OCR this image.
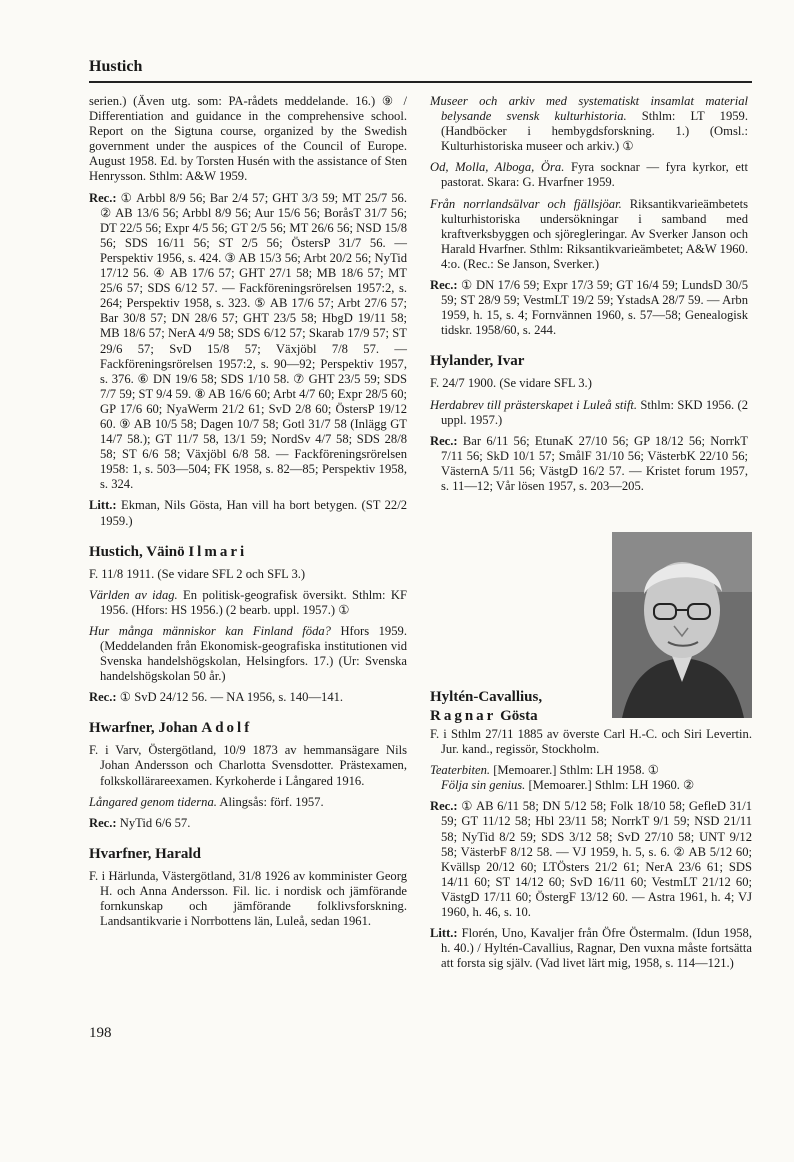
Hustich

serien.) (Även utg. som: PA-rådets meddelande. 16.) ⑨ / Differentiation and guidance in the comprehensive school. Report on the Sigtuna course, organized by the Swedish government under the auspices of the Council of Europe. August 1958. Ed. by Torsten Husén with the assistance of Sten Henrysson. Sthlm: A&W 1959.

Rec.: ① Arbbl 8/9 56; Bar 2/4 57; GHT 3/3 59; MT 25/7 56. ② AB 13/6 56; Arbbl 8/9 56; Aur 15/6 56; BoråsT 31/7 56; DT 22/5 56; Expr 4/5 56; GT 2/5 56; MT 26/6 56; NSD 15/8 56; SDS 16/11 56; ST 2/5 56; ÖstersP 31/7 56. — Perspektiv 1956, s. 424. ③ AB 15/3 56; Arbt 20/2 56; NyTid 17/12 56. ④ AB 17/6 57; GHT 27/1 58; MB 18/6 57; MT 25/6 57; SDS 6/12 57. — Fackföreningsrörelsen 1957:2, s. 264; Perspektiv 1958, s. 323. ⑤ AB 17/6 57; Arbt 27/6 57; Bar 30/8 57; DN 28/6 57; GHT 23/5 58; HbgD 19/11 58; MB 18/6 57; NerA 4/9 58; SDS 6/12 57; Skarab 17/9 57; ST 29/6 57; SvD 15/8 57; Växjöbl 7/8 57. — Fackföreningsrörelsen 1957:2, s. 90—92; Perspektiv 1957, s. 376. ⑥ DN 19/6 58; SDS 1/10 58. ⑦ GHT 23/5 59; SDS 7/7 59; ST 9/4 59. ⑧ AB 16/6 60; Arbt 4/7 60; Expr 28/5 60; GP 17/6 60; NyaWerm 21/2 61; SvD 2/8 60; ÖstersP 19/12 60. ⑨ AB 10/5 58; Dagen 10/7 58; Gotl 31/7 58 (Inlägg GT 14/7 58.); GT 11/7 58, 13/1 59; NordSv 4/7 58; SDS 28/8 58; ST 6/6 58; Växjöbl 6/8 58. — Fackföreningsrörelsen 1958: 1, s. 503—504; FK 1958, s. 82—85; Perspektiv 1958, s. 324.

Litt.: Ekman, Nils Gösta, Han vill ha bort betygen. (ST 22/2 1959.)

Hustich, Väinö Ilmari

F. 11/8 1911. (Se vidare SFL 2 och SFL 3.)

Världen av idag. En politisk-geografisk översikt. Sthlm: KF 1956. (Hfors: HS 1956.) (2 bearb. uppl. 1957.) ①

Hur många människor kan Finland föda? Hfors 1959. (Meddelanden från Ekonomisk-geografiska institutionen vid Svenska handelshögskolan, Helsingfors. 17.) (Ur: Svenska handelshögskolan 50 år.)

Rec.: ① SvD 24/12 56. — NA 1956, s. 140—141.

Hwarfner, Johan Adolf

F. i Varv, Östergötland, 10/9 1873 av hemmansägare Nils Johan Andersson och Charlotta Svensdotter. Prästexamen, folkskollärareexamen. Kyrkoherde i Långared 1916.

Långared genom tiderna. Alingsås: förf. 1957.

Rec.: NyTid 6/6 57.

Hvarfner, Harald

F. i Härlunda, Västergötland, 31/8 1926 av komminister Georg H. och Anna Andersson. Fil. lic. i nordisk och jämförande fornkunskap och jämförande folklivsforskning. Landsantikvarie i Norrbottens län, Luleå, sedan 1961.

Museer och arkiv med systematiskt insamlat material belysande svensk kulturhistoria. Sthlm: LT 1959. (Handböcker i hembygdsforskning. 1.) (Omsl.: Kulturhistoriska museer och arkiv.) ①

Od, Molla, Alboga, Öra. Fyra socknar — fyra kyrkor, ett pastorat. Skara: G. Hvarfner 1959.

Från norrlandsälvar och fjällsjöar. Riksantikvarieämbetets kulturhistoriska undersökningar i samband med kraftverksbyggen och sjöregleringar. Av Sverker Janson och Harald Hvarfner. Sthlm: Riksantikvarieämbetet; A&W 1960. 4:o. (Rec.: Se Janson, Sverker.)

Rec.: ① DN 17/6 59; Expr 17/3 59; GT 16/4 59; LundsD 30/5 59; ST 28/9 59; VestmLT 19/2 59; YstadsA 28/7 59. — Arbn 1959, h. 15, s. 4; Fornvännen 1960, s. 57—58; Genealogisk tidskr. 1958/60, s. 244.

Hylander, Ivar

F. 24/7 1900. (Se vidare SFL 3.)

Herdabrev till prästerskapet i Luleå stift. Sthlm: SKD 1956. (2 uppl. 1957.)

Rec.: Bar 6/11 56; EtunaK 27/10 56; GP 18/12 56; NorrkT 7/11 56; SkD 10/1 57; SmålF 31/10 56; VästerbK 22/10 56; VästernA 5/11 56; VästgD 16/2 57. — Kristet forum 1957, s. 11—12; Vår lösen 1957, s. 203—205.

Hyltén-Cavallius,
Ragnar Gösta

F. i Sthlm 27/11 1885 av överste Carl H.-C. och Siri Levertin. Jur. kand., regissör, Stockholm.

Teaterbiten. [Memoarer.] Sthlm: LH 1958. ①
Följa sin genius. [Memoarer.] Sthlm: LH 1960. ②

Rec.: ① AB 6/11 58; DN 5/12 58; Folk 18/10 58; GefleD 31/1 59; GT 11/12 58; Hbl 23/11 58; NorrkT 9/1 59; NSD 21/11 58; NyTid 8/2 59; SDS 3/12 58; SvD 27/10 58; UNT 9/12 58; VästerbF 8/12 58. — VJ 1959, h. 5, s. 6. ② AB 5/12 60; Kvällsp 20/12 60; LTÖsters 21/2 61; NerA 23/6 61; SDS 14/11 60; ST 14/12 60; SvD 16/11 60; VestmLT 21/12 60; VästgD 17/11 60; ÖstergF 13/12 60. — Astra 1961, h. 4; VJ 1960, h. 46, s. 10.

Litt.: Florén, Uno, Kavaljer från Öfre Östermalm. (Idun 1958, h. 40.) / Hyltén-Cavallius, Ragnar, Den vuxna måste fortsätta att forsta sig själv. (Vad livet lärt mig, 1958, s. 114—121.)

198
